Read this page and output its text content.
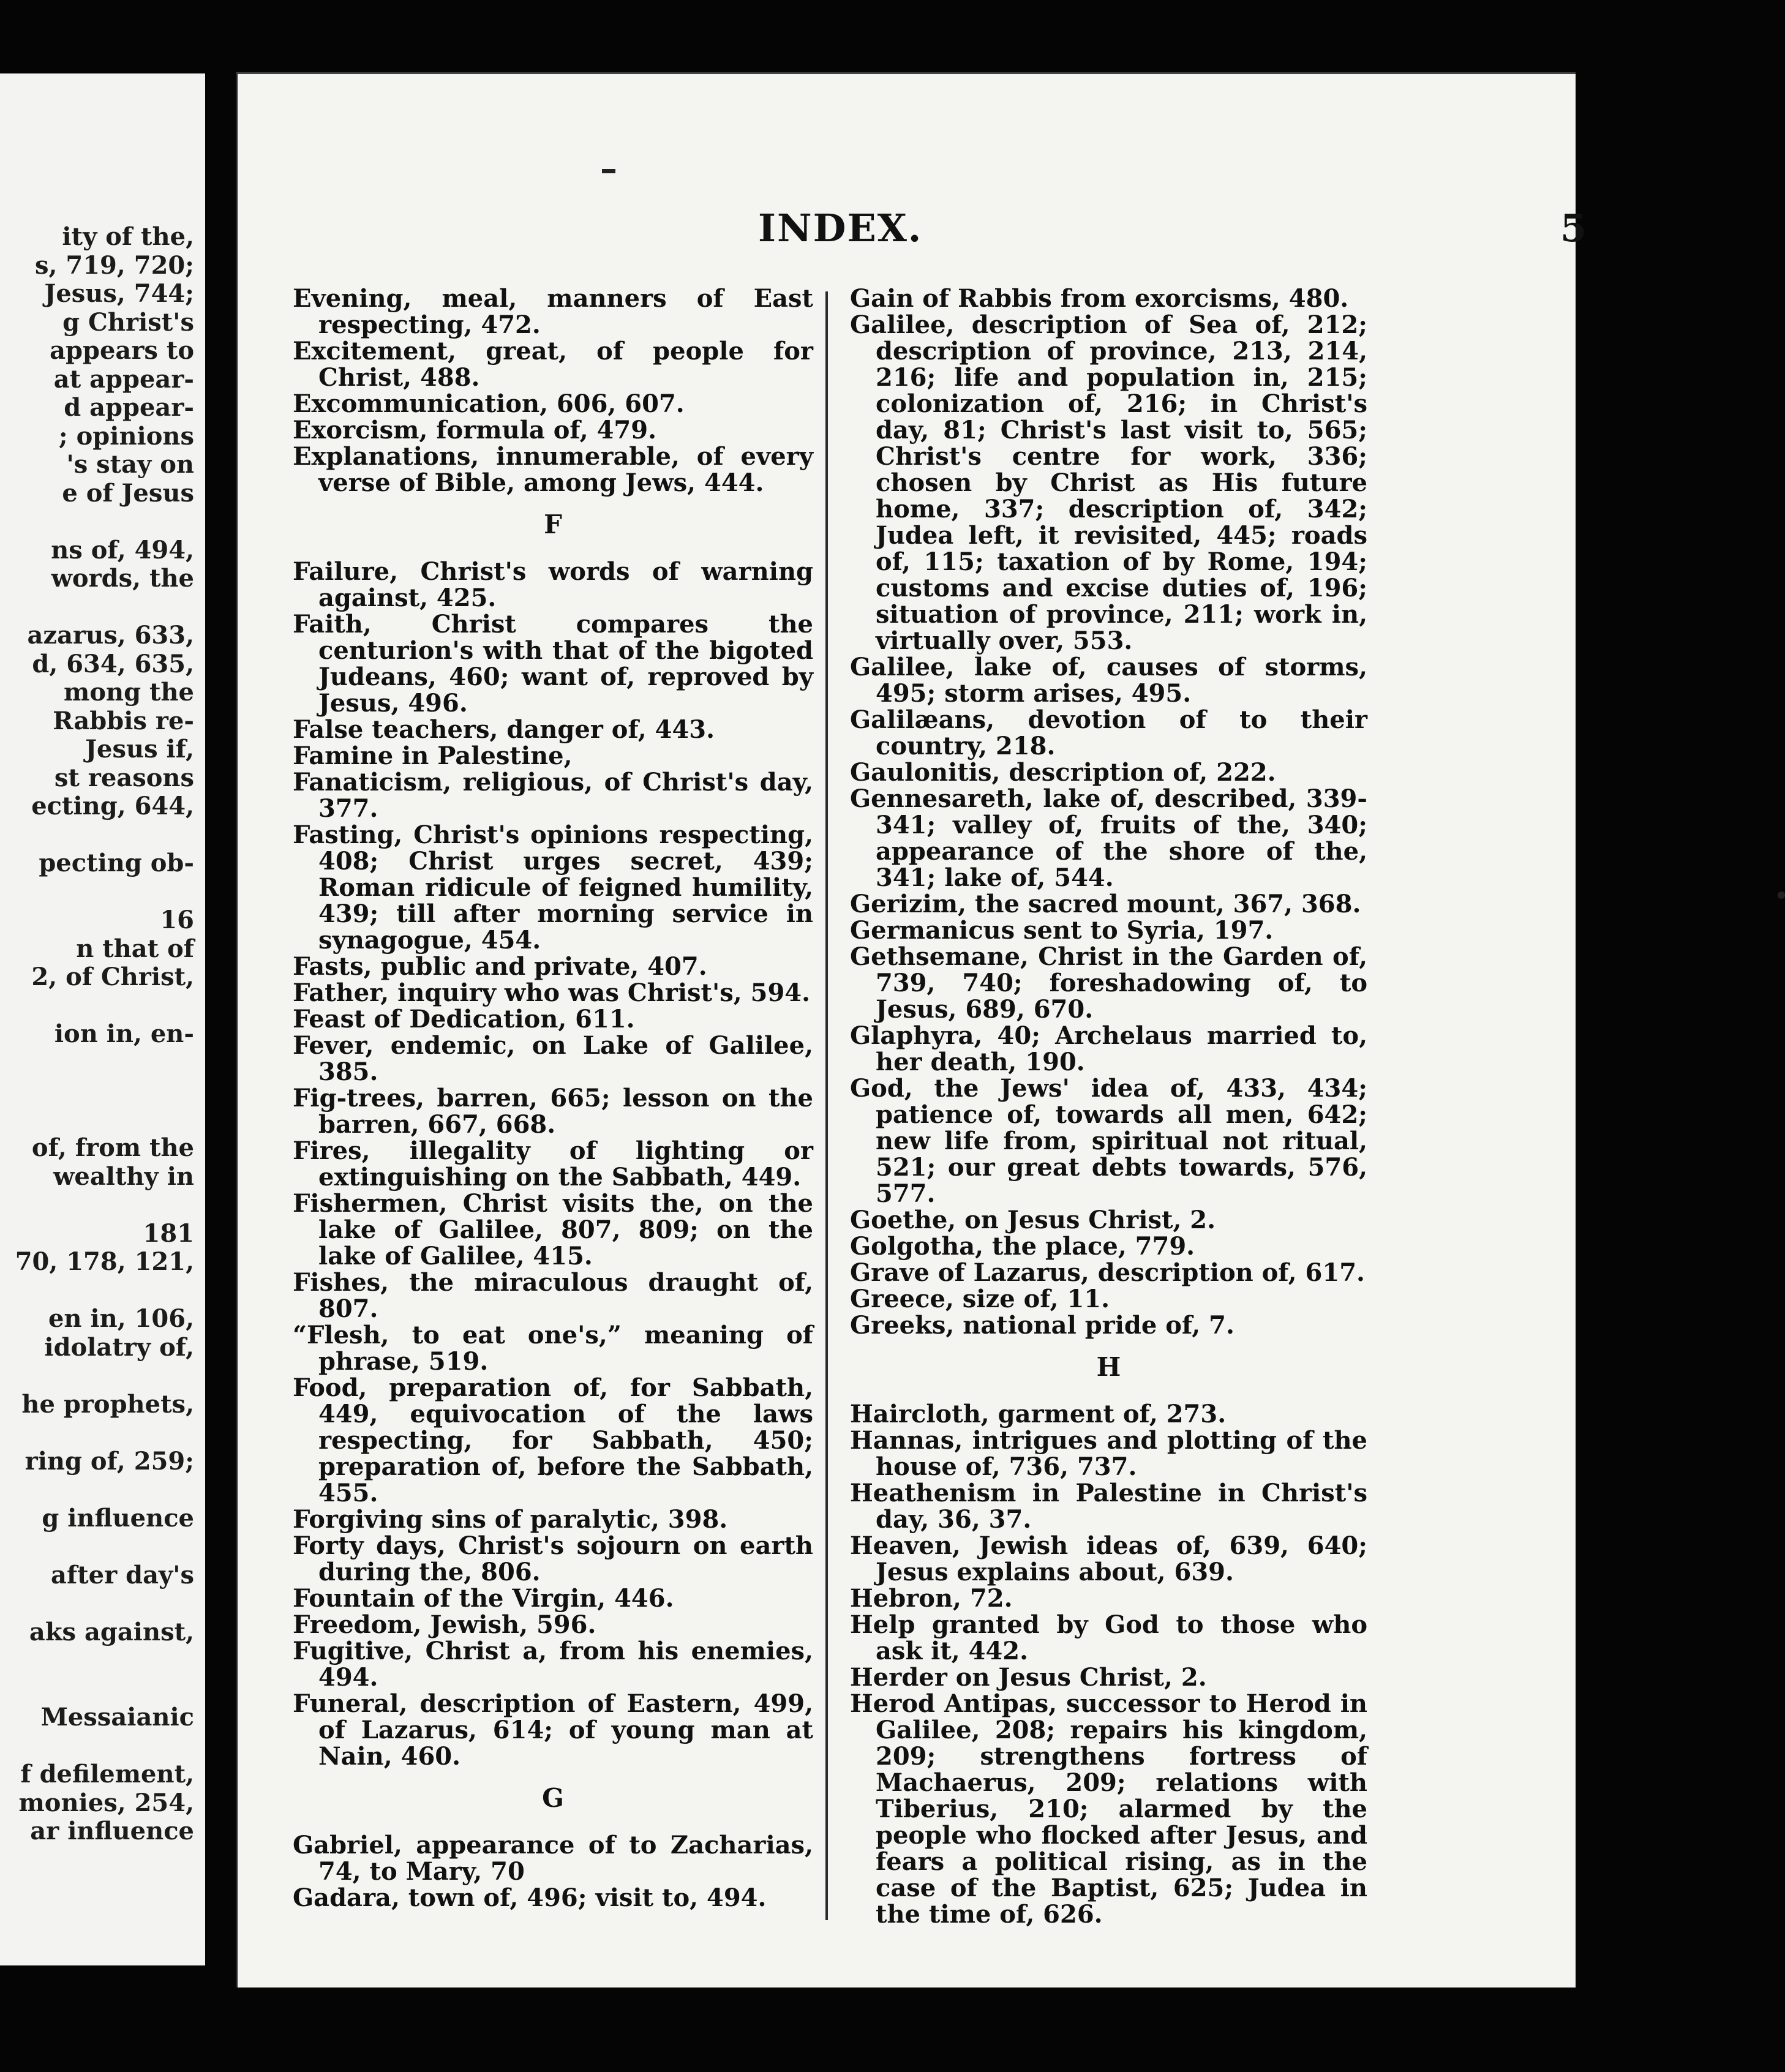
ity of the,
s, 719, 720;
Jesus, 744;
g Christ's
appears to
at appear-
d appear-
; opinions
's stay on
e of Jesus
ns of, 494,
words, the
azarus, 633,
d, 634, 635,
mong the
Rabbis re-
Jesus if,
st reasons
ecting, 644,
pecting ob-
16
n that of
2, of Christ,
ion in, en-
of, from the
wealthy in
181
70, 178, 121,
en in, 106,
idolatry of,
he prophets,
ring of, 259;
g influence
after day's
aks against,
Messaianic
f defilement,
monies, 254,
ar influence
INDEX.	5

Evening, meal, manners of East respecting, 472.

Excitement, great, of people for Christ, 488.

Excommunication, 606, 607.

Exorcism, formula of, 479.

Explanations, innumerable, of every verse of Bible, among Jews, 444.

F

Failure, Christ's words of warning against, 425.

Faith, Christ compares the centurion's with that of the bigoted Judeans, 460; want of, reproved by Jesus, 496.

False teachers, danger of, 443.

Famine in Palestine,

Fanaticism, religious, of Christ's day, 377.

Fasting, Christ's opinions respecting, 408; Christ urges secret, 439; Roman ridicule of feigned humility, 439; till after morning service in synagogue, 454.

Fasts, public and private, 407.

Father, inquiry who was Christ's, 594.

Feast of Dedication, 611.

Fever, endemic, on Lake of Galilee, 385.

Fig-trees, barren, 665; lesson on the barren, 667, 668.

Fires, illegality of lighting or extinguishing on the Sabbath, 449.

Fishermen, Christ visits the, on the lake of Galilee, 807, 809; on the lake of Galilee, 415.

Fishes, the miraculous draught of, 807.

“Flesh, to eat one's,” meaning of phrase, 519.

Food, preparation of, for Sabbath, 449, equivocation of the laws respecting, for Sabbath, 450; preparation of, before the Sabbath, 455.

Forgiving sins of paralytic, 398.

Forty days, Christ's sojourn on earth during the, 806.

Fountain of the Virgin, 446.

Freedom, Jewish, 596.

Fugitive, Christ a, from his enemies, 494.

Funeral, description of Eastern, 499, of Lazarus, 614; of young man at Nain, 460.

G

Gabriel, appearance of to Zacharias, 74, to Mary, 70

Gadara, town of, 496; visit to, 494.

Gain of Rabbis from exorcisms, 480.

Galilee, description of Sea of, 212; description of province, 213, 214, 216; life and population in, 215; colonization of, 216; in Christ's day, 81; Christ's last visit to, 565; Christ's centre for work, 336; chosen by Christ as His future home, 337; description of, 342; Judea left, it revisited, 445; roads of, 115; taxation of by Rome, 194; customs and excise duties of, 196; situation of province, 211; work in, virtually over, 553.

Galilee, lake of, causes of storms, 495; storm arises, 495.

Galilæans, devotion of to their country, 218.

Gaulonitis, description of, 222.

Gennesareth, lake of, described, 339-341; valley of, fruits of the, 340; appearance of the shore of the, 341; lake of, 544.

Gerizim, the sacred mount, 367, 368.

Germanicus sent to Syria, 197.

Gethsemane, Christ in the Garden of, 739, 740; foreshadowing of, to Jesus, 689, 670.

Glaphyra, 40; Archelaus married to, her death, 190.

God, the Jews' idea of, 433, 434; patience of, towards all men, 642; new life from, spiritual not ritual, 521; our great debts towards, 576, 577.

Goethe, on Jesus Christ, 2.

Golgotha, the place, 779.

Grave of Lazarus, description of, 617.

Greece, size of, 11.

Greeks, national pride of, 7.

H

Haircloth, garment of, 273.

Hannas, intrigues and plotting of the house of, 736, 737.

Heathenism in Palestine in Christ's day, 36, 37.

Heaven, Jewish ideas of, 639, 640; Jesus explains about, 639.

Hebron, 72.

Help granted by God to those who ask it, 442.

Herder on Jesus Christ, 2.

Herod Antipas, successor to Herod in Galilee, 208; repairs his kingdom, 209; strengthens fortress of Machaerus, 209; relations with Tiberius, 210; alarmed by the people who flocked after Jesus, and fears a political rising, as in the case of the Baptist, 625; Judea in the time of, 626.
